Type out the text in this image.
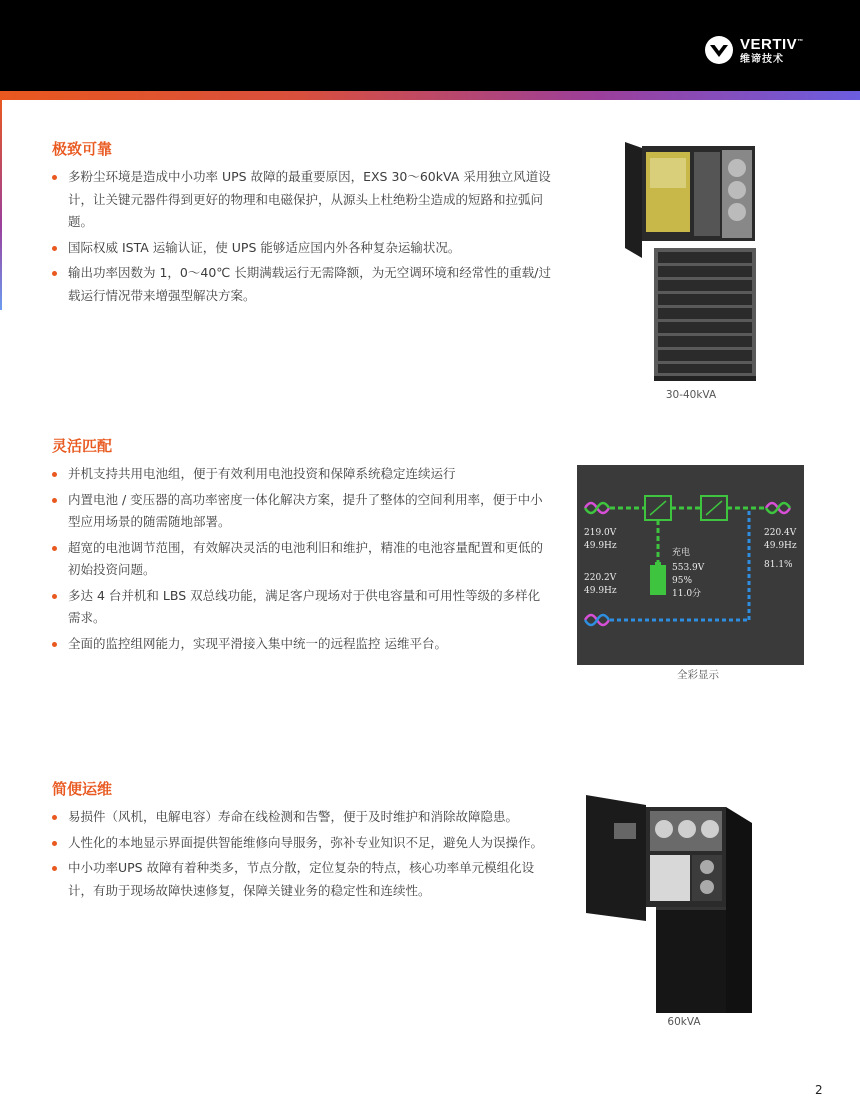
VERTIV™
维谛技术
极致可靠
多粉尘环境是造成中小功率 UPS 故障的最重要原因，EXS 30～60kVA 采用独立风道设计，让关键元器件得到更好的物理和电磁保护，从源头上杜绝粉尘造成的短路和拉弧问题。
国际权威 ISTA 运输认证，使 UPS 能够适应国内外各种复杂运输状况。
输出功率因数为 1，0～40℃ 长期满载运行无需降额，为无空调环境和经常性的重载/过载运行情况带来增强型解决方案。
30-40kVA
灵活匹配
并机支持共用电池组，便于有效利用电池投资和保障系统稳定连续运行
内置电池 / 变压器的高功率密度一体化解决方案，提升了整体的空间利用率，便于中小型应用场景的随需随地部署。
超宽的电池调节范围，有效解决灵活的电池利旧和维护，精准的电池容量配置和更低的初始投资问题。
多达 4 台并机和 LBS 双总线功能，满足客户现场对于供电容量和可用性等级的多样化需求。
全面的监控组网能力，实现平滑接入集中统一的远程监控 运维平台。
219.0V
49.9Hz
220.2V
49.9Hz
220.4V
49.9Hz
81.1%
充电
553.9V
95%
11.0分
全彩显示
简便运维
易损件（风机，电解电容）寿命在线检测和告警，便于及时维护和消除故障隐患。
人性化的本地显示界面提供智能维修向导服务，弥补专业知识不足，避免人为误操作。
中小功率UPS 故障有着种类多，节点分散，定位复杂的特点，核心功率单元模组化设计，有助于现场故障快速修复，保障关键业务的稳定性和连续性。
60kVA
2
